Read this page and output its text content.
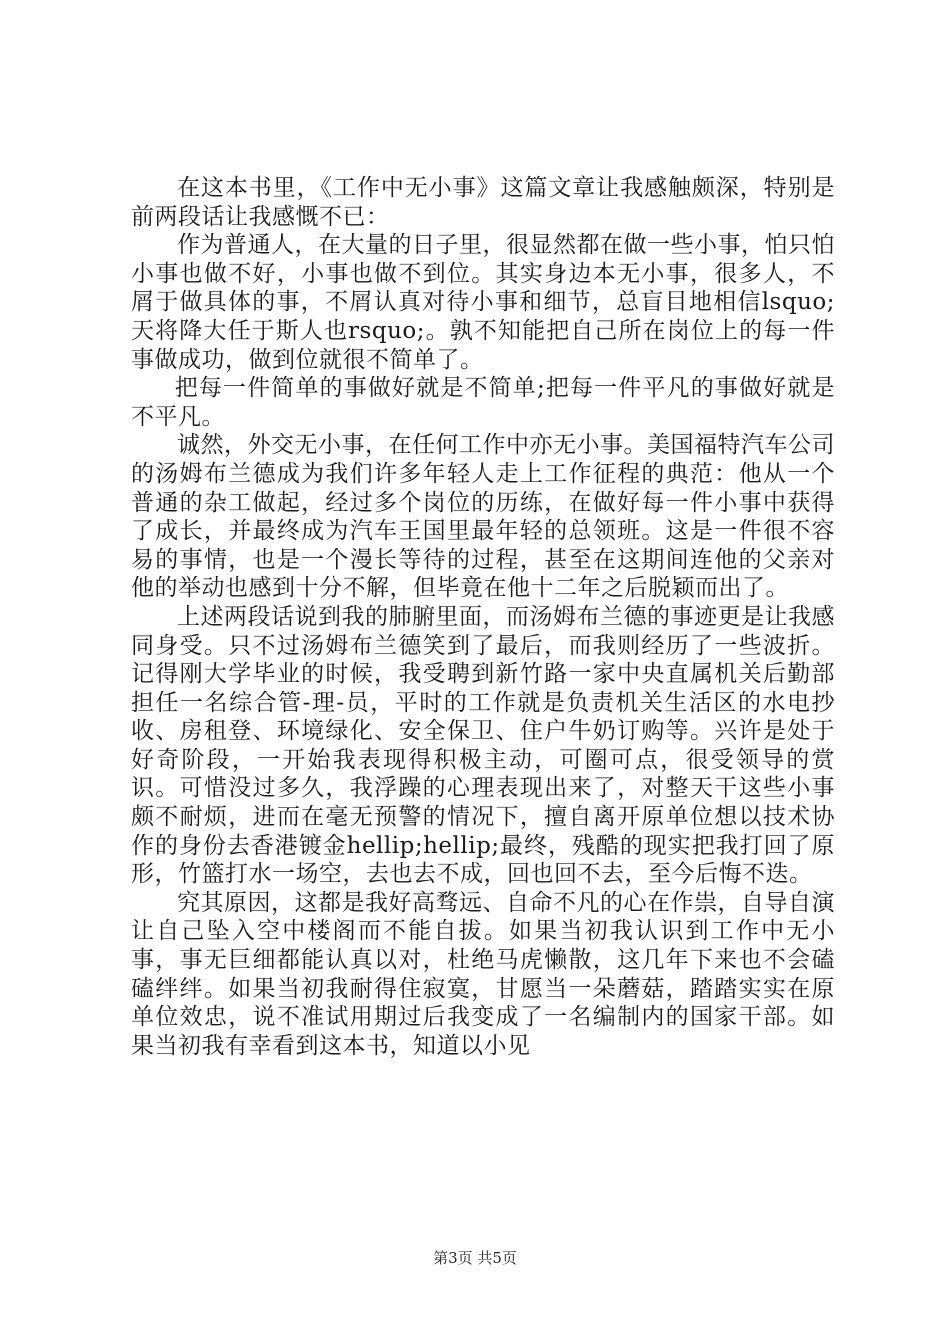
在这本书里，《工作中无小事》这篇文章让我感触颇深，特别是前两段话让我感慨不已：

作为普通人，在大量的日子里，很显然都在做一些小事，怕只怕小事也做不好，小事也做不到位。其实身边本无小事，很多人，不屑于做具体的事，不屑认真对待小事和细节，总盲目地相信lsquo;天将降大任于斯人也rsquo;。孰不知能把自己所在岗位上的每一件事做成功，做到位就很不简单了。

把每一件简单的事做好就是不简单;把每一件平凡的事做好就是不平凡。

诚然，外交无小事，在任何工作中亦无小事。美国福特汽车公司的汤姆布兰德成为我们许多年轻人走上工作征程的典范：他从一个普通的杂工做起，经过多个岗位的历练，在做好每一件小事中获得了成长，并最终成为汽车王国里最年轻的总领班。这是一件很不容易的事情，也是一个漫长等待的过程，甚至在这期间连他的父亲对他的举动也感到十分不解，但毕竟在他十二年之后脱颖而出了。

上述两段话说到我的肺腑里面，而汤姆布兰德的事迹更是让我感同身受。只不过汤姆布兰德笑到了最后，而我则经历了一些波折。记得刚大学毕业的时候，我受聘到新竹路一家中央直属机关后勤部担任一名综合管-理-员，平时的工作就是负责机关生活区的水电抄收、房租登、环境绿化、安全保卫、住户牛奶订购等。兴许是处于好奇阶段，一开始我表现得积极主动，可圈可点，很受领导的赏识。可惜没过多久，我浮躁的心理表现出来了，对整天干这些小事颇不耐烦，进而在毫无预警的情况下，擅自离开原单位想以技术协作的身份去香港镀金hellip;hellip;最终，残酷的现实把我打回了原形，竹篮打水一场空，去也去不成，回也回不去，至今后悔不迭。

究其原因，这都是我好高骛远、自命不凡的心在作祟，自导自演让自己坠入空中楼阁而不能自拔。如果当初我认识到工作中无小事，事无巨细都能认真以对，杜绝马虎懒散，这几年下来也不会磕磕绊绊。如果当初我耐得住寂寞，甘愿当一朵蘑菇，踏踏实实在原单位效忠，说不准试用期过后我变成了一名编制内的国家干部。如果当初我有幸看到这本书，知道以小见

第3页 共5页
